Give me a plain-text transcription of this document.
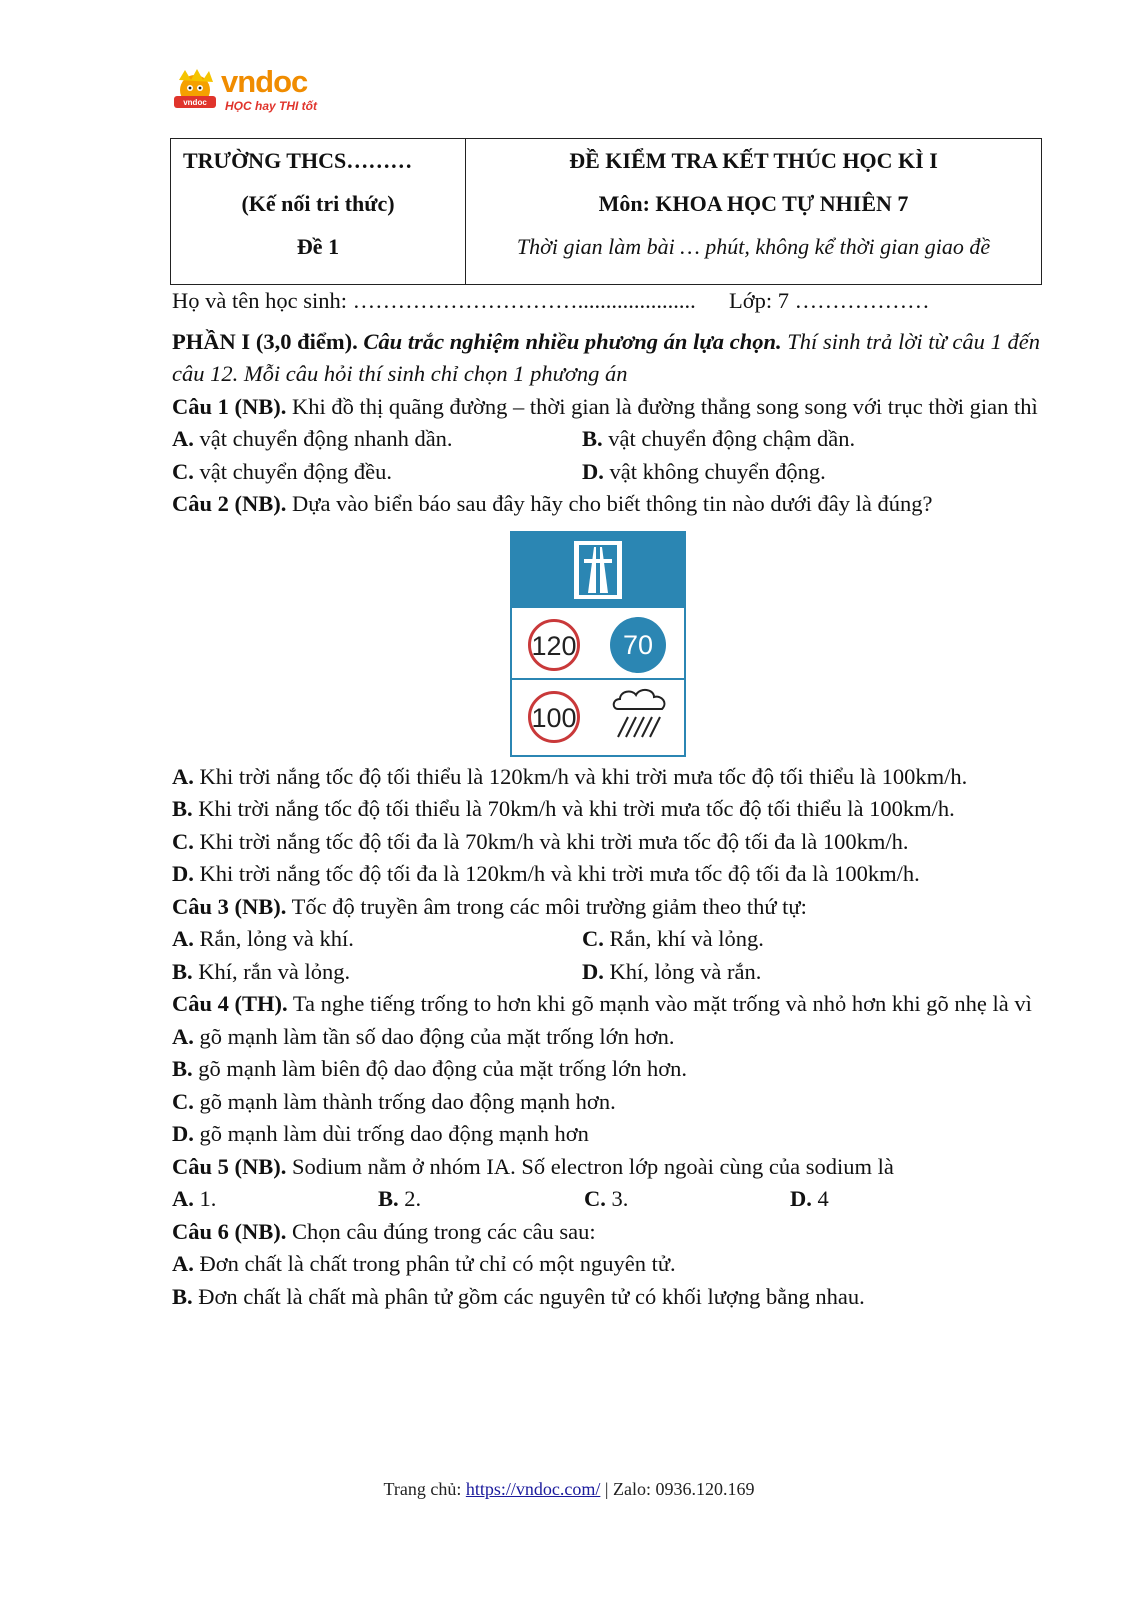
vndoc
vndoc
HỌC hay THI tốt
TRƯỜNG THCS………
(Kế nối tri thức)
Đề 1

ĐỀ KIỂM TRA KẾT THÚC HỌC KÌ I
Môn: KHOA HỌC TỰ NHIÊN 7
Thời gian làm bài … phút, không kể thời gian giao đề
Họ và tên học sinh: …………………………..................... Lớp: 7 ………………
PHẦN I (3,0 điểm). Câu trắc nghiệm nhiều phương án lựa chọn. Thí sinh trả lời từ câu 1 đến câu 12. Mỗi câu hỏi thí sinh chỉ chọn 1 phương án
Câu 1 (NB). Khi đồ thị quãng đường – thời gian là đường thẳng song song với trục thời gian thì
A. vật chuyển động nhanh dần.	B. vật chuyển động chậm dần.
C. vật chuyển động đều.	D. vật không chuyển động.
Câu 2 (NB). Dựa vào biển báo sau đây hãy cho biết thông tin nào dưới đây là đúng?
120	70
100
A. Khi trời nắng tốc độ tối thiểu là 120km/h và khi trời mưa tốc độ tối thiểu là 100km/h.
B. Khi trời nắng tốc độ tối thiểu là 70km/h và khi trời mưa tốc độ tối thiểu là 100km/h.
C. Khi trời nắng tốc độ tối đa là 70km/h và khi trời mưa tốc độ tối đa là 100km/h.
D. Khi trời nắng tốc độ tối đa là 120km/h và khi trời mưa tốc độ tối đa là 100km/h.
Câu 3 (NB). Tốc độ truyền âm trong các môi trường giảm theo thứ tự:
A. Rắn, lỏng và khí.	C. Rắn, khí và lỏng.
B. Khí, rắn và lỏng.	D. Khí, lỏng và rắn.
Câu 4 (TH). Ta nghe tiếng trống to hơn khi gõ mạnh vào mặt trống và nhỏ hơn khi gõ nhẹ là vì
A. gõ mạnh làm tần số dao động của mặt trống lớn hơn.
B. gõ mạnh làm biên độ dao động của mặt trống lớn hơn.
C. gõ mạnh làm thành trống dao động mạnh hơn.
D. gõ mạnh làm dùi trống dao động mạnh hơn
Câu 5 (NB). Sodium nằm ở nhóm IA. Số electron lớp ngoài cùng của sodium là
A. 1.	B. 2.	C. 3.	D. 4
Câu 6 (NB). Chọn câu đúng trong các câu sau:
A. Đơn chất là chất trong phân tử chỉ có một nguyên tử.
B. Đơn chất là chất mà phân tử gồm các nguyên tử có khối lượng bằng nhau.
Trang chủ: https://vndoc.com/ | Zalo: 0936.120.169
